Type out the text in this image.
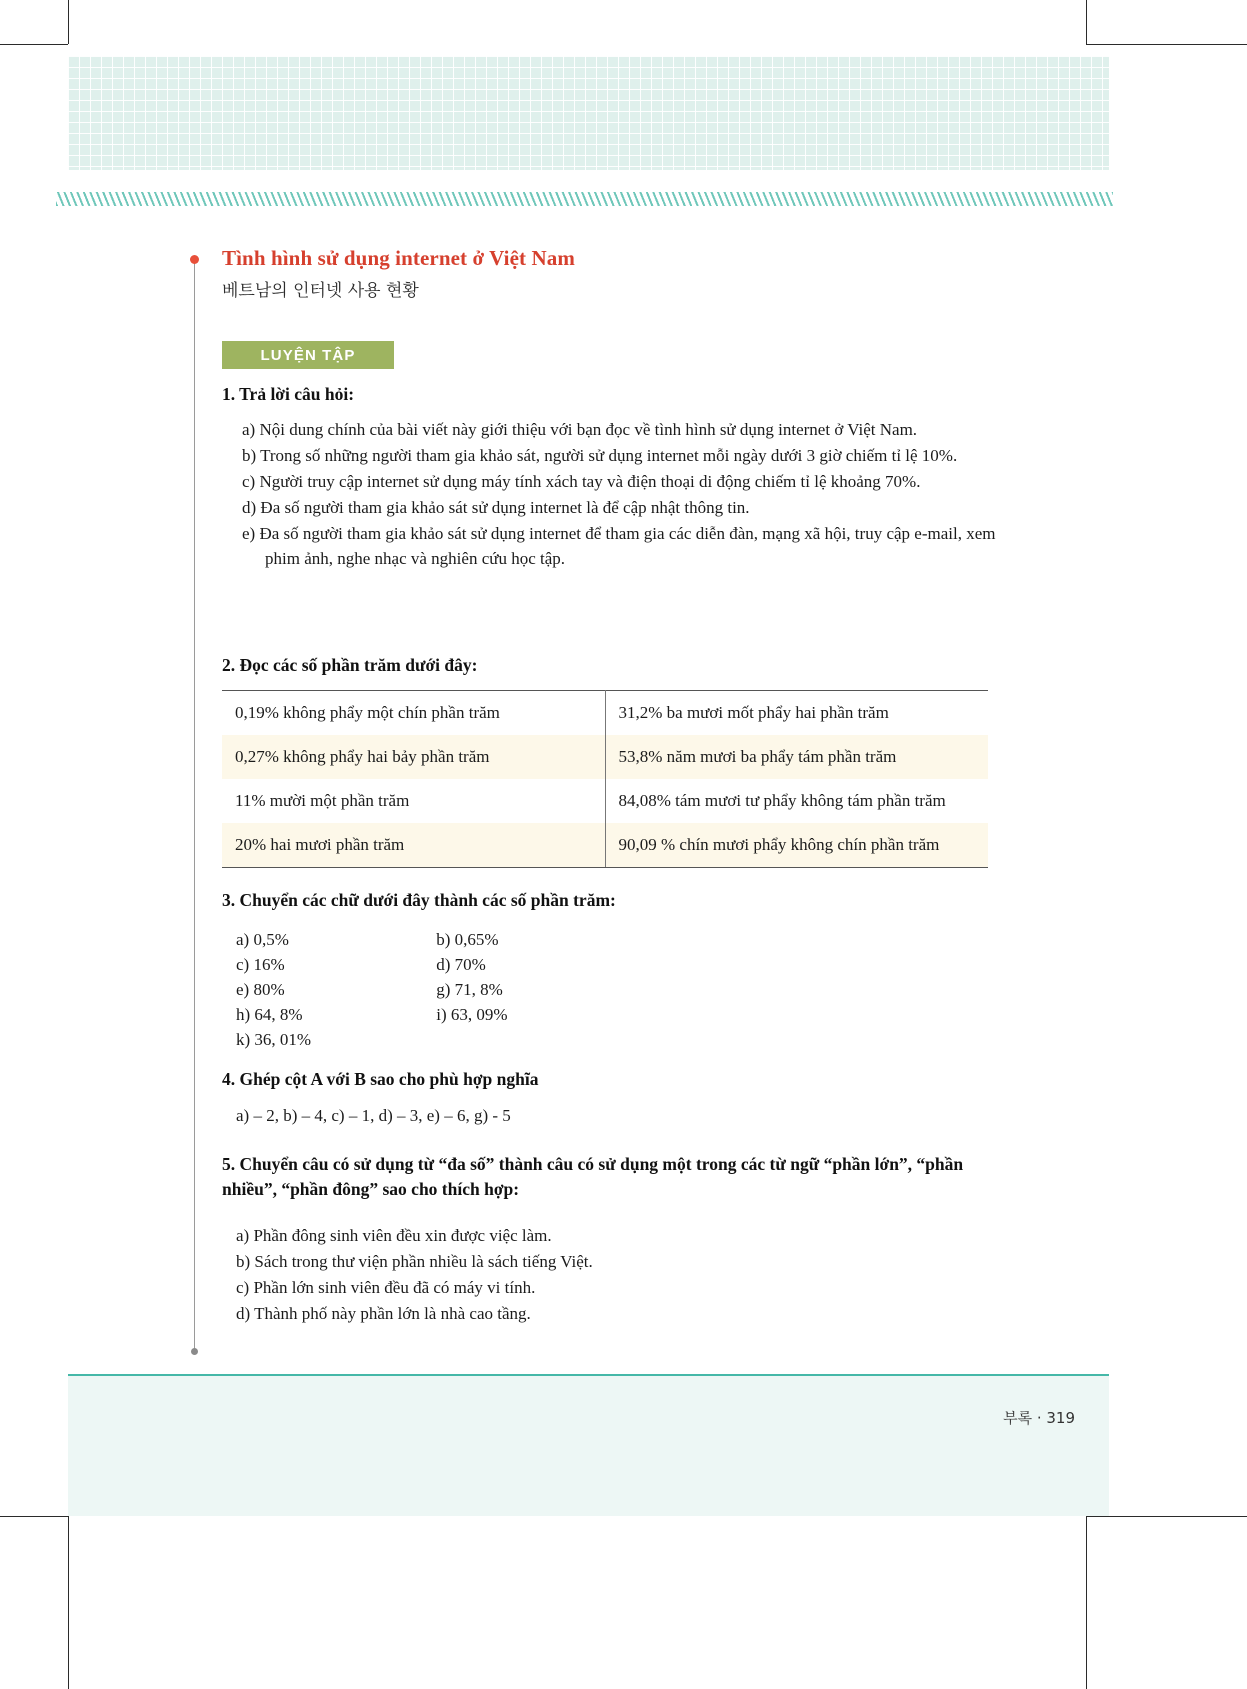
Tình hình sử dụng internet ở Việt Nam
베트남의 인터넷 사용 현황
LUYỆN TẬP
1. Trả lời câu hỏi:
a) Nội dung chính của bài viết này giới thiệu với bạn đọc về tình hình sử dụng internet ở Việt Nam.
b) Trong số những người tham gia khảo sát, người sử dụng internet mỗi ngày dưới 3 giờ chiếm tỉ lệ 10%.
c) Người truy cập internet sử dụng máy tính xách tay và điện thoại di động chiếm tỉ lệ khoảng 70%.
d) Đa số người tham gia khảo sát sử dụng internet là để cập nhật thông tin.
e) Đa số người tham gia khảo sát sử dụng internet để tham gia các diễn đàn, mạng xã hội, truy cập e-mail, xem phim ảnh, nghe nhạc và nghiên cứu học tập.
2. Đọc các số phần trăm dưới đây:
0,19% không phẩy một chín phần trăm	31,2% ba mươi mốt phẩy hai phần trăm
0,27% không phẩy hai bảy phần trăm	53,8% năm mươi ba phẩy tám phần trăm
11% mười một phần trăm	84,08% tám mươi tư phẩy không tám phần trăm
20% hai mươi phần trăm	90,09 % chín mươi phẩy không chín phần trăm
3. Chuyển các chữ dưới đây thành các số phần trăm:
a) 0,5%	b) 0,65%
c) 16%	d) 70%
e) 80%	g) 71, 8%
h) 64, 8%	i) 63, 09%
k) 36, 01%
4. Ghép cột A với B sao cho phù hợp nghĩa
a) – 2, b) – 4, c) – 1, d) – 3, e) – 6, g) - 5
5. Chuyển câu có sử dụng từ “đa số” thành câu có sử dụng một trong các từ ngữ “phần lớn”, “phần nhiều”, “phần đông” sao cho thích hợp:
a) Phần đông sinh viên đều xin được việc làm.
b) Sách trong thư viện phần nhiều là sách tiếng Việt.
c) Phần lớn sinh viên đều đã có máy vi tính.
d) Thành phố này phần lớn là nhà cao tầng.
부록 · 319
